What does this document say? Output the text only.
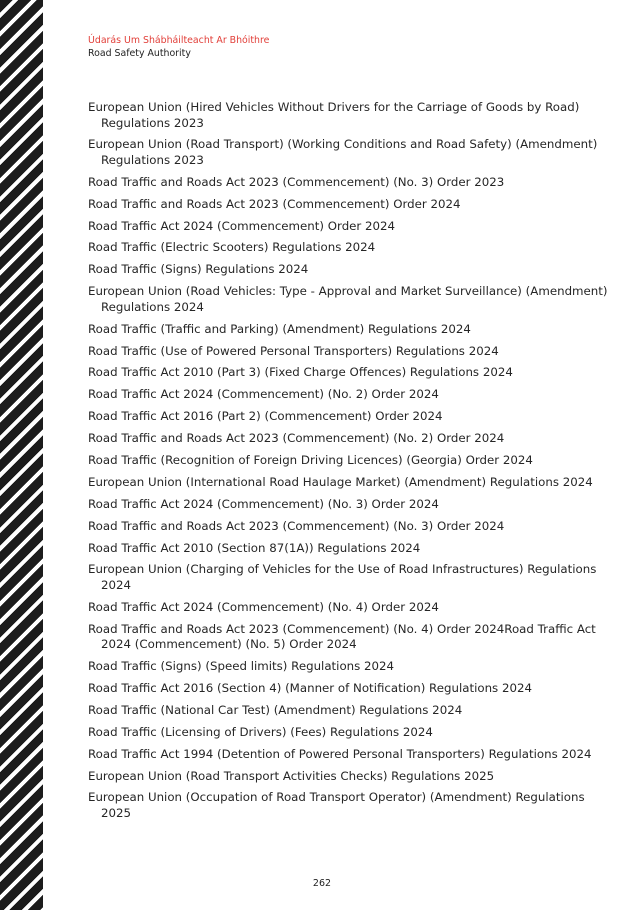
Údarás Um Shábháilteacht Ar Bhóithre
Road Safety Authority
European Union (Hired Vehicles Without Drivers for the Carriage of Goods by Road) Regulations 2023
European Union (Road Transport) (Working Conditions and Road Safety) (Amendment) Regulations 2023
Road Traffic and Roads Act 2023 (Commencement) (No. 3) Order 2023
Road Traffic and Roads Act 2023 (Commencement) Order 2024
Road Traffic Act 2024 (Commencement) Order 2024
Road Traffic (Electric Scooters) Regulations 2024
Road Traffic (Signs) Regulations 2024
European Union (Road Vehicles: Type - Approval and Market Surveillance) (Amendment) Regulations 2024
Road Traffic (Traffic and Parking) (Amendment) Regulations 2024
Road Traffic (Use of Powered Personal Transporters) Regulations 2024
Road Traffic Act 2010 (Part 3) (Fixed Charge Offences) Regulations 2024
Road Traffic Act 2024 (Commencement) (No. 2) Order 2024
Road Traffic Act 2016 (Part 2) (Commencement) Order 2024
Road Traffic and Roads Act 2023 (Commencement) (No. 2) Order 2024
Road Traffic (Recognition of Foreign Driving Licences) (Georgia) Order 2024
European Union (International Road Haulage Market) (Amendment) Regulations 2024
Road Traffic Act 2024 (Commencement) (No. 3) Order 2024
Road Traffic and Roads Act 2023 (Commencement) (No. 3) Order 2024
Road Traffic Act 2010 (Section 87(1A)) Regulations 2024
European Union (Charging of Vehicles for the Use of Road Infrastructures) Regulations 2024
Road Traffic Act 2024 (Commencement) (No. 4) Order 2024
Road Traffic and Roads Act 2023 (Commencement) (No. 4) Order 2024Road Traffic Act 2024 (Commencement) (No. 5) Order 2024
Road Traffic (Signs) (Speed limits) Regulations 2024
Road Traffic Act 2016 (Section 4) (Manner of Notification) Regulations 2024
Road Traffic (National Car Test) (Amendment) Regulations 2024
Road Traffic (Licensing of Drivers) (Fees) Regulations 2024
Road Traffic Act 1994 (Detention of Powered Personal Transporters) Regulations 2024
European Union (Road Transport Activities Checks) Regulations 2025
European Union (Occupation of Road Transport Operator) (Amendment) Regulations 2025
262
